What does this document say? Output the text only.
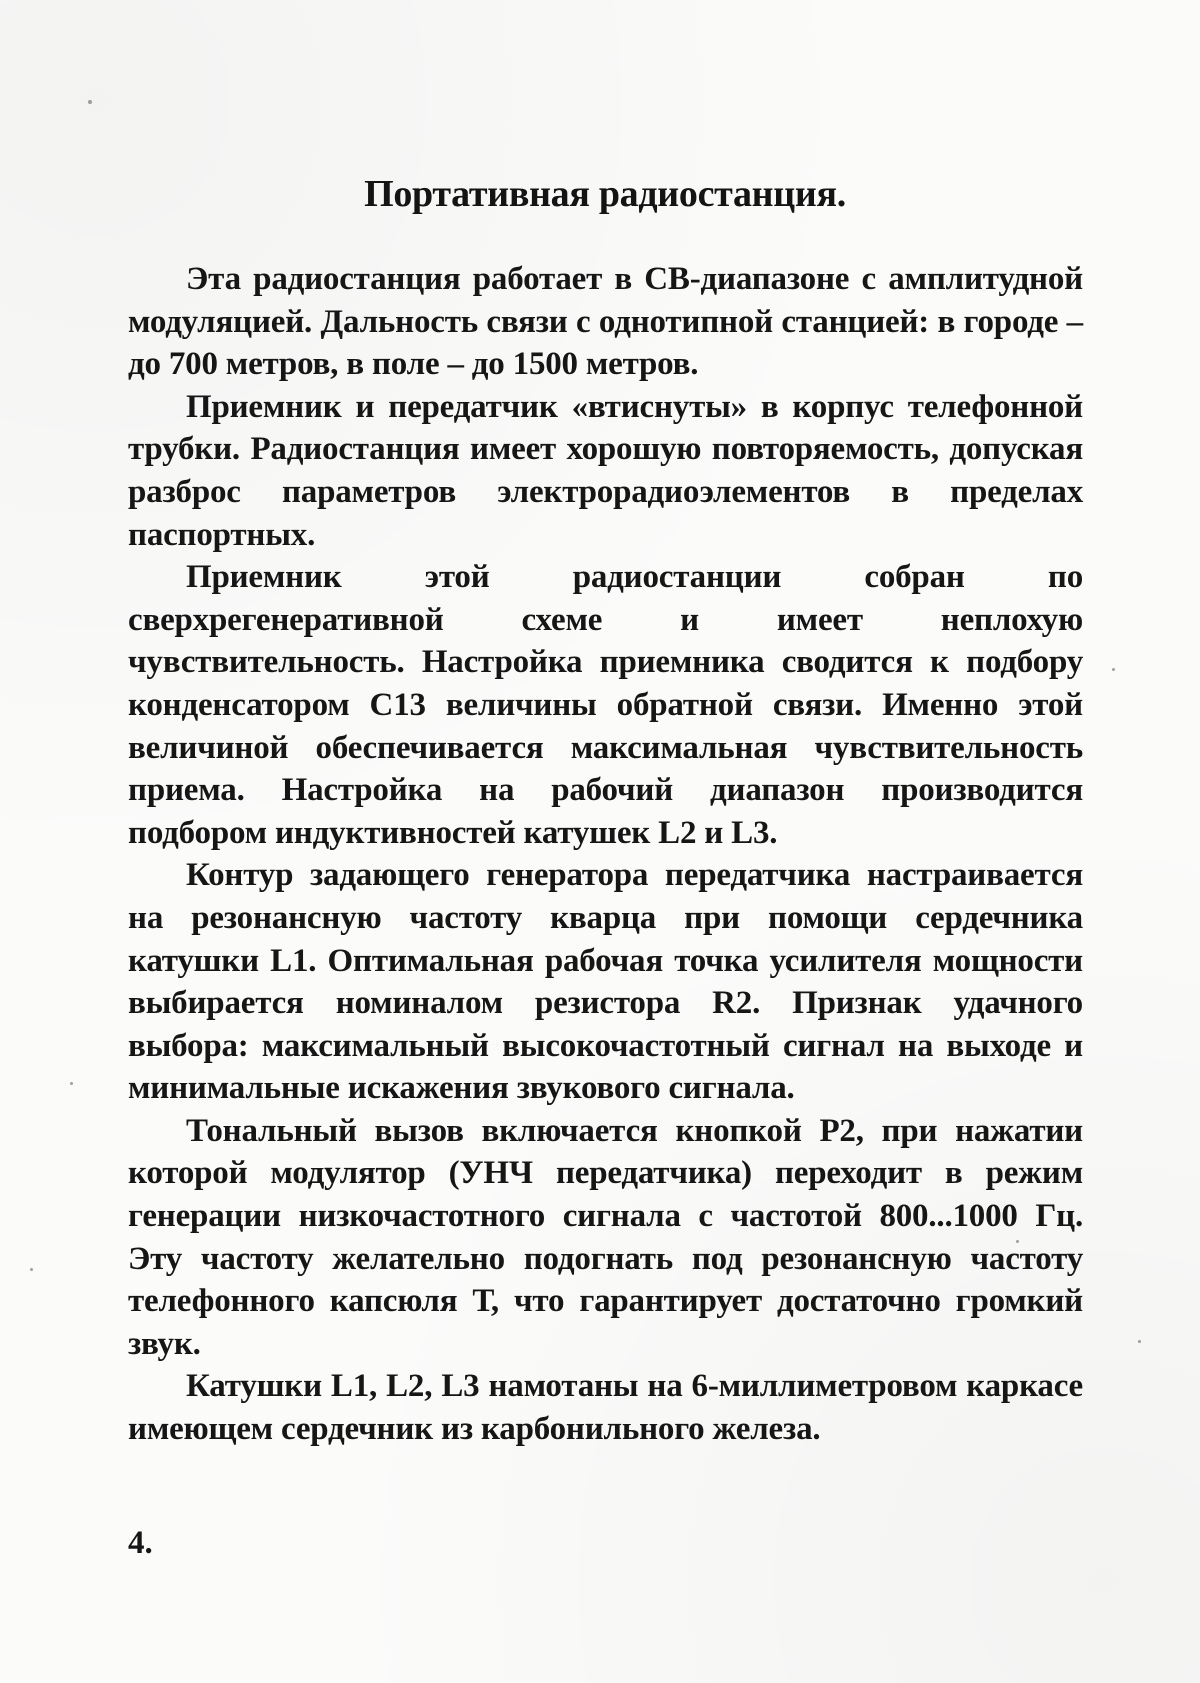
Портативная радиостанция.

Эта радиостанция работает в СВ-диапазоне с амплитудной модуляцией. Дальность связи с однотипной станцией: в городе – до 700 метров, в поле – до 1500 метров.

Приемник и передатчик «втиснуты» в корпус телефонной трубки. Радиостанция имеет хорошую повторяемость, допуская разброс параметров электрорадиоэлементов в пределах паспортных.

Приемник этой радиостанции собран по сверхрегенеративной схеме и имеет неплохую чувствительность. Настройка приемника сводится к подбору конденсатором С13 величины обратной связи. Именно этой величиной обеспечивается максимальная чувствительность приема. Настройка на рабочий диапазон производится подбором индуктивностей катушек L2 и L3.

Контур задающего генератора передатчика настраивается на резонансную частоту кварца при помощи сердечника катушки L1. Оптимальная рабочая точка усилителя мощности выбирается номиналом резистора R2. Признак удачного выбора: максимальный высокочастотный сигнал на выходе и минимальные искажения звукового сигнала.

Тональный вызов включается кнопкой Р2, при нажатии которой модулятор (УНЧ передатчика) переходит в режим генерации низкочастотного сигнала с частотой 800...1000 Гц. Эту частоту желательно подогнать под резонансную частоту телефонного капсюля Т, что гарантирует достаточно громкий звук.

Катушки L1, L2, L3 намотаны на 6-миллиметровом каркасе имеющем сердечник из карбонильного железа.

4.
